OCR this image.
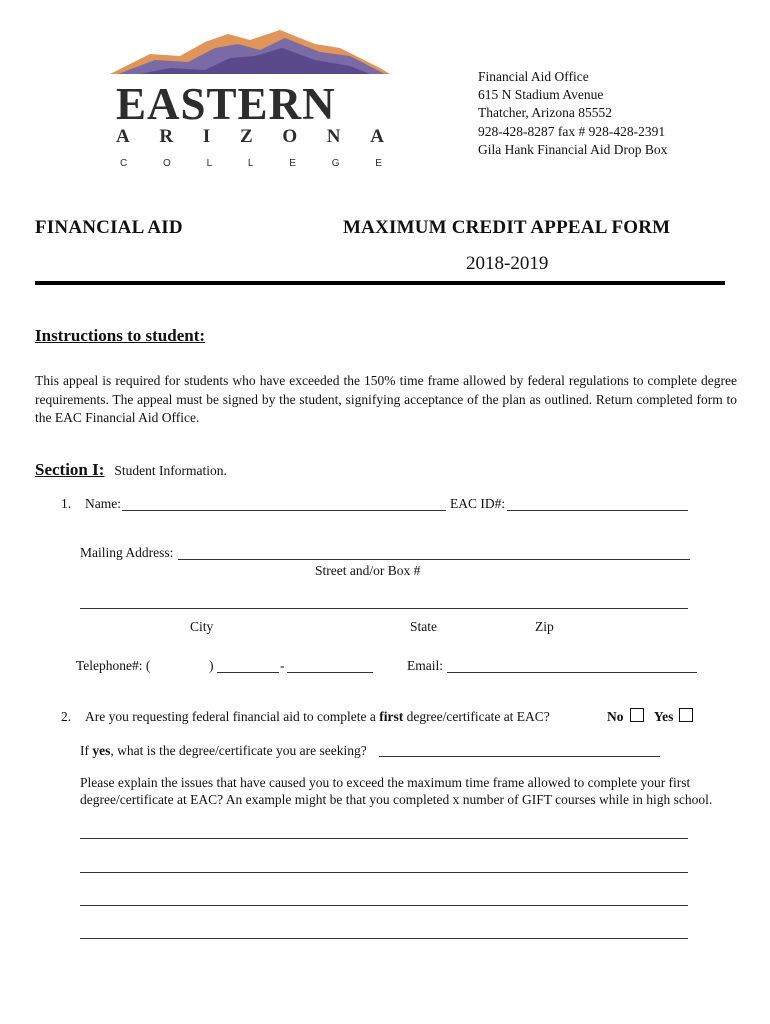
EASTERN
A R I Z O N A
C	O	L	L	E	G	E
Financial Aid Office
615 N Stadium Avenue
Thatcher, Arizona 85552
928-428-8287 fax # 928-428-2391
Gila Hank Financial Aid Drop Box
FINANCIAL AID	MAXIMUM CREDIT APPEAL FORM
2018-2019
Instructions to student:
This appeal is required for students who have exceeded the 150% time frame allowed by federal regulations to complete degree requirements. The appeal must be signed by the student, signifying acceptance of the plan as outlined. Return completed form to the EAC Financial Aid Office.
Section I: Student Information.
1. Name:	EAC ID#:
Mailing Address:
Street and/or Box #
City	State	Zip
Telephone#: (	)	-	Email:
2. Are you requesting federal financial aid to complete a first degree/certificate at EAC?	No Yes
If yes, what is the degree/certificate you are seeking?
Please explain the issues that have caused you to exceed the maximum time frame allowed to complete your first
degree/certificate at EAC? An example might be that you completed x number of GIFT courses while in high school.
